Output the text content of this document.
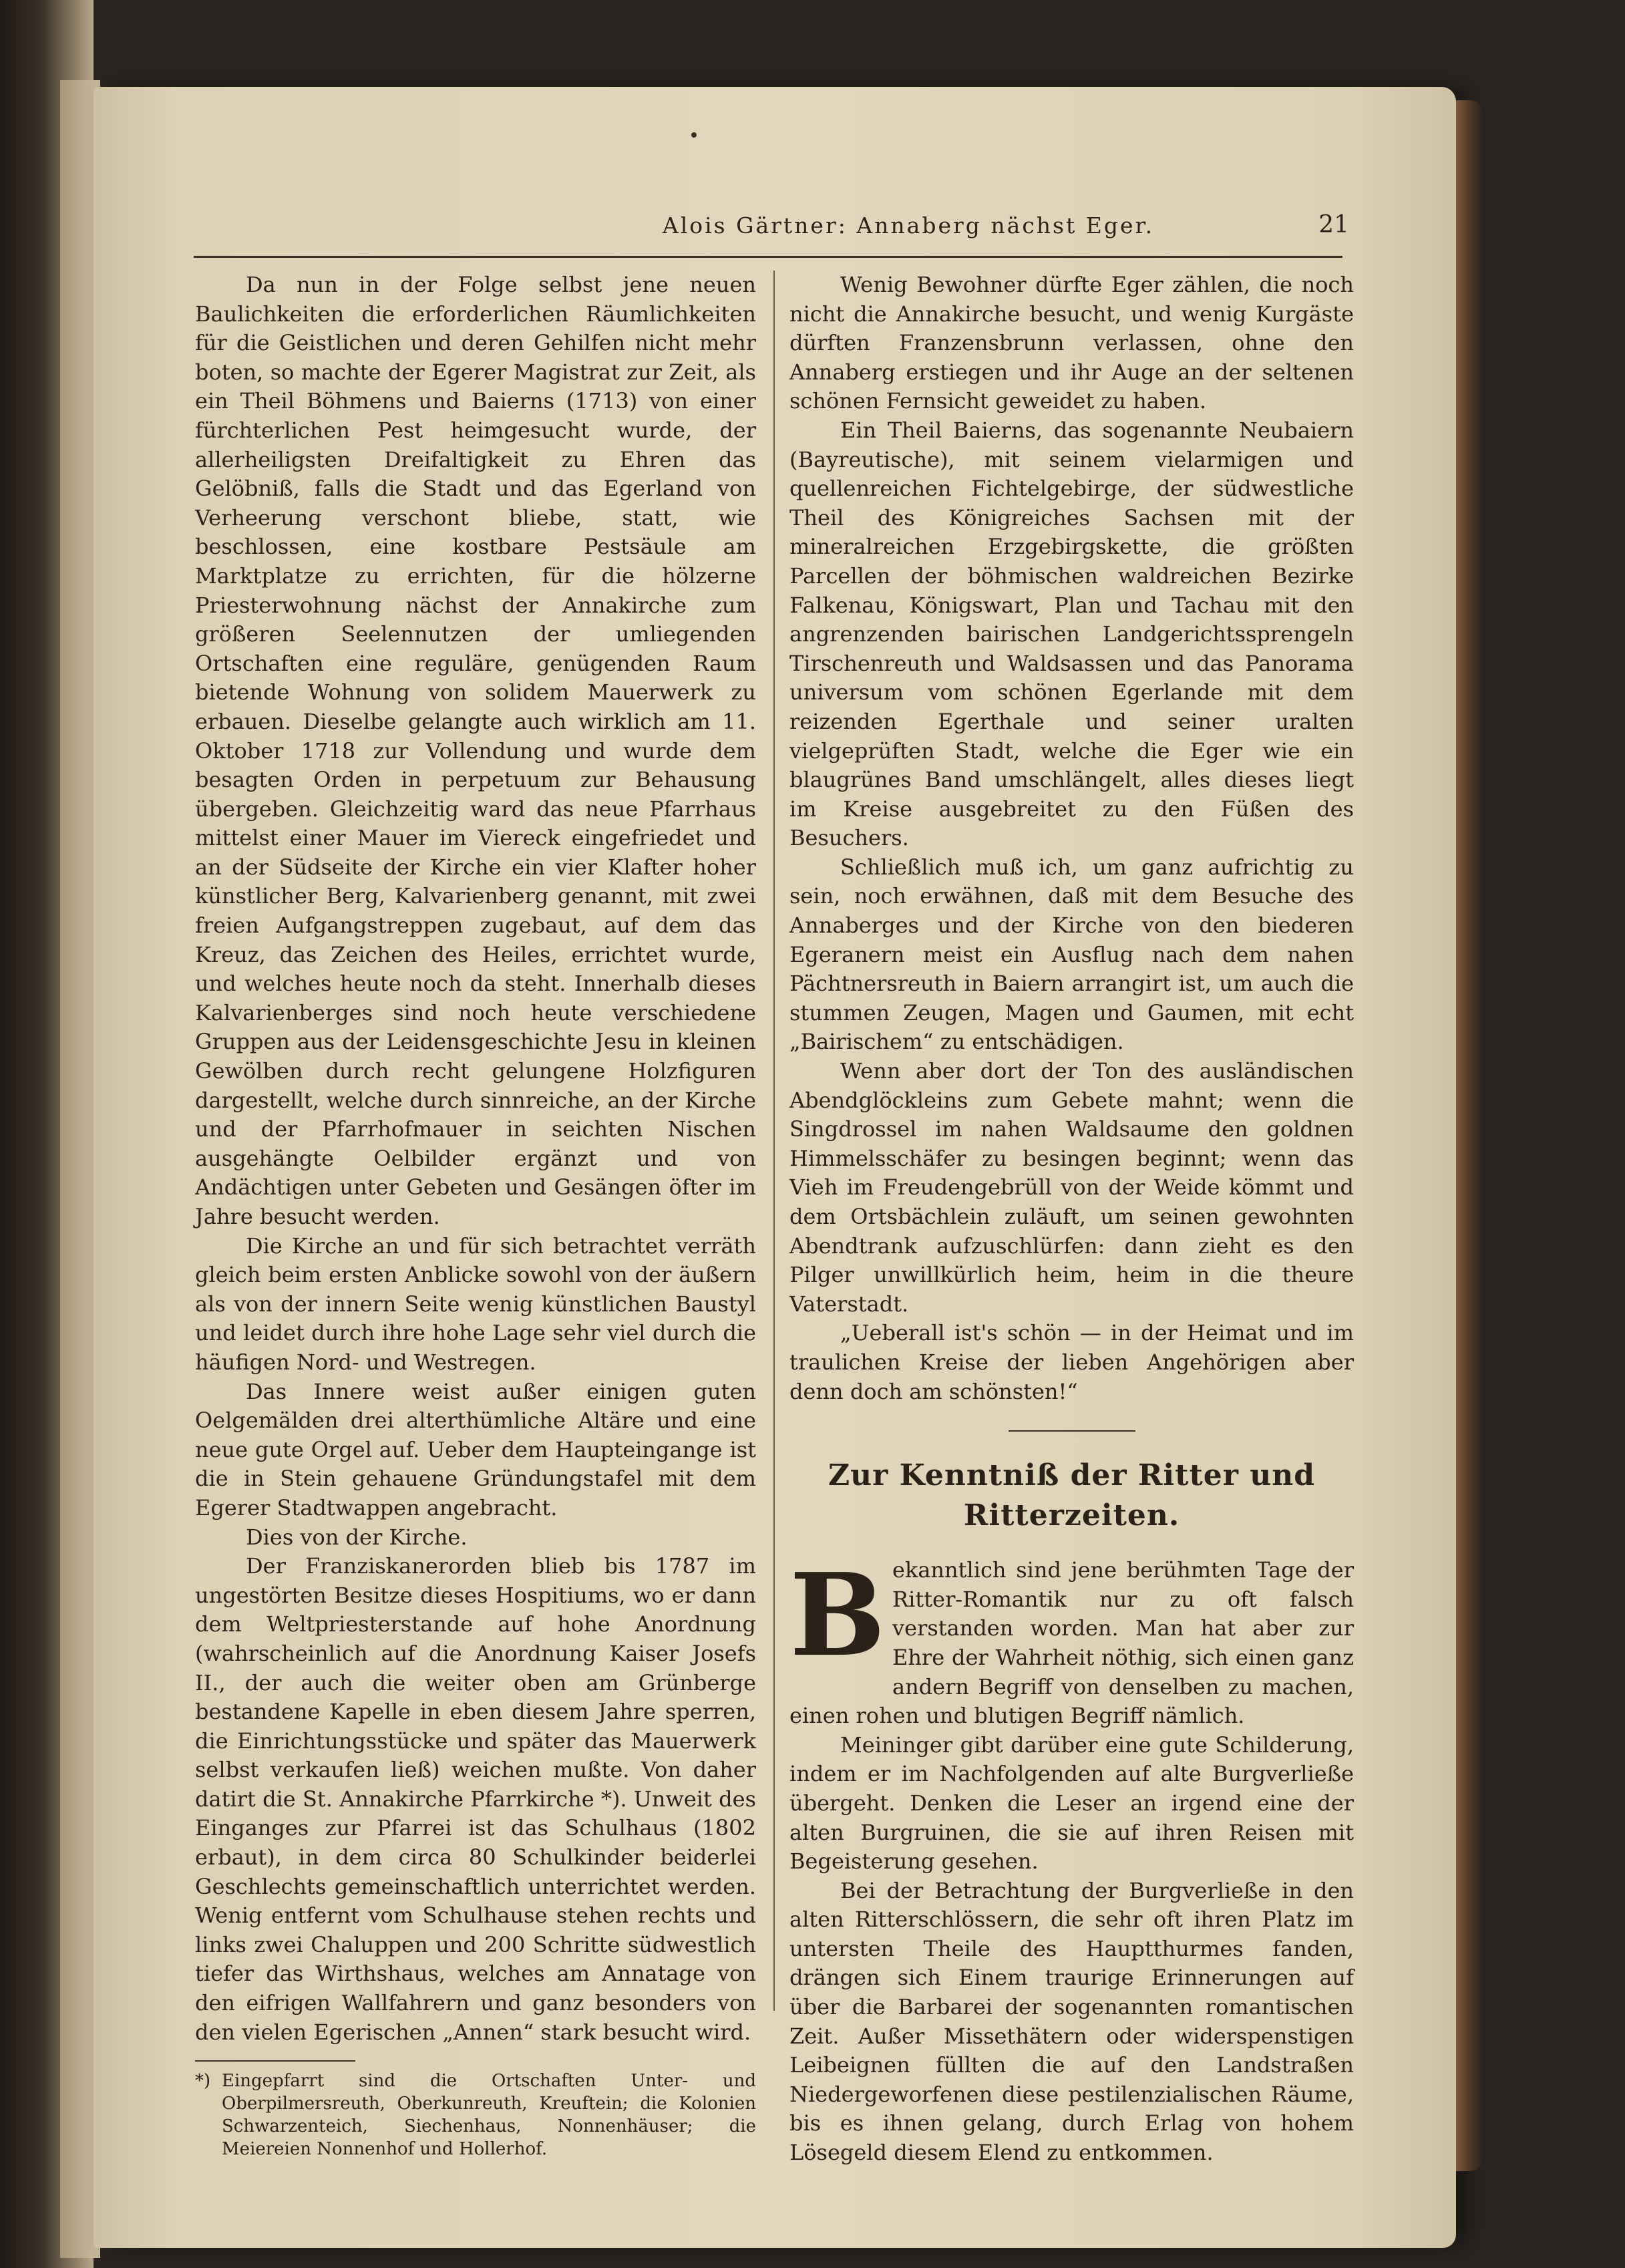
Alois Gärtner: Annaberg nächst Eger.	21

Da nun in der Folge selbst jene neuen Baulichkeiten die erforderlichen Räumlichkeiten für die Geistlichen und deren Gehilfen nicht mehr boten, so machte der Egerer Magistrat zur Zeit, als ein Theil Böhmens und Baierns (1713) von einer fürchterlichen Pest heimgesucht wurde, der allerheiligsten Dreifaltigkeit zu Ehren das Gelöbniß, falls die Stadt und das Egerland von Verheerung verschont bliebe, statt, wie beschlossen, eine kostbare Pestsäule am Marktplatze zu errichten, für die hölzerne Priesterwohnung nächst der Annakirche zum größeren Seelennutzen der umliegenden Ortschaften eine reguläre, genügenden Raum bietende Wohnung von solidem Mauerwerk zu erbauen. Dieselbe gelangte auch wirklich am 11. Oktober 1718 zur Vollendung und wurde dem besagten Orden in perpetuum zur Behausung übergeben. Gleichzeitig ward das neue Pfarrhaus mittelst einer Mauer im Viereck eingefriedet und an der Südseite der Kirche ein vier Klafter hoher künstlicher Berg, Kalvarienberg genannt, mit zwei freien Aufgangstreppen zugebaut, auf dem das Kreuz, das Zeichen des Heiles, errichtet wurde, und welches heute noch da steht. Innerhalb dieses Kalvarienberges sind noch heute verschiedene Gruppen aus der Leidensgeschichte Jesu in kleinen Gewölben durch recht gelungene Holzfiguren dargestellt, welche durch sinnreiche, an der Kirche und der Pfarrhofmauer in seichten Nischen ausgehängte Oelbilder ergänzt und von Andächtigen unter Gebeten und Gesängen öfter im Jahre besucht werden.

Die Kirche an und für sich betrachtet verräth gleich beim ersten Anblicke sowohl von der äußern als von der innern Seite wenig künstlichen Baustyl und leidet durch ihre hohe Lage sehr viel durch die häufigen Nord- und Westregen.

Das Innere weist außer einigen guten Oelgemälden drei alterthümliche Altäre und eine neue gute Orgel auf. Ueber dem Haupteingange ist die in Stein gehauene Gründungstafel mit dem Egerer Stadtwappen angebracht.

Dies von der Kirche.

Der Franziskanerorden blieb bis 1787 im ungestörten Besitze dieses Hospitiums, wo er dann dem Weltpriesterstande auf hohe Anordnung (wahrscheinlich auf die Anordnung Kaiser Josefs II., der auch die weiter oben am Grünberge bestandene Kapelle in eben diesem Jahre sperren, die Einrichtungsstücke und später das Mauerwerk selbst verkaufen ließ) weichen mußte. Von daher datirt die St. Annakirche Pfarrkirche *). Unweit des Einganges zur Pfarrei ist das Schulhaus (1802 erbaut), in dem circa 80 Schulkinder beiderlei Geschlechts gemeinschaftlich unterrichtet werden. Wenig entfernt vom Schulhause stehen rechts und links zwei Chaluppen und 200 Schritte südwestlich tiefer das Wirthshaus, welches am Annatage von den eifrigen Wallfahrern und ganz besonders von den vielen Egerischen „Annen“ stark besucht wird.

*) Eingepfarrt sind die Ortschaften Unter- und Oberpilmersreuth, Oberkunreuth, Kreuftein; die Kolonien Schwarzenteich, Siechenhaus, Nonnenhäuser; die Meiereien Nonnenhof und Hollerhof.

Wenig Bewohner dürfte Eger zählen, die noch nicht die Annakirche besucht, und wenig Kurgäste dürften Franzensbrunn verlassen, ohne den Annaberg erstiegen und ihr Auge an der seltenen schönen Fernsicht geweidet zu haben.

Ein Theil Baierns, das sogenannte Neubaiern (Bayreutische), mit seinem vielarmigen und quellenreichen Fichtelgebirge, der südwestliche Theil des Königreiches Sachsen mit der mineralreichen Erzgebirgskette, die größten Parcellen der böhmischen waldreichen Bezirke Falkenau, Königswart, Plan und Tachau mit den angrenzenden bairischen Landgerichtssprengeln Tirschenreuth und Waldsassen und das Panorama universum vom schönen Egerlande mit dem reizenden Egerthale und seiner uralten vielgeprüften Stadt, welche die Eger wie ein blaugrünes Band umschlängelt, alles dieses liegt im Kreise ausgebreitet zu den Füßen des Besuchers.

Schließlich muß ich, um ganz aufrichtig zu sein, noch erwähnen, daß mit dem Besuche des Annaberges und der Kirche von den biederen Egeranern meist ein Ausflug nach dem nahen Pächtnersreuth in Baiern arrangirt ist, um auch die stummen Zeugen, Magen und Gaumen, mit echt „Bairischem“ zu entschädigen.

Wenn aber dort der Ton des ausländischen Abendglöckleins zum Gebete mahnt; wenn die Singdrossel im nahen Waldsaume den goldnen Himmelsschäfer zu besingen beginnt; wenn das Vieh im Freudengebrüll von der Weide kömmt und dem Ortsbächlein zuläuft, um seinen gewohnten Abendtrank aufzuschlürfen: dann zieht es den Pilger unwillkürlich heim, heim in die theure Vaterstadt.

„Ueberall ist's schön — in der Heimat und im traulichen Kreise der lieben Angehörigen aber denn doch am schönsten!“

Zur Kenntniß der Ritter und Ritterzeiten.

Bekanntlich sind jene berühmten Tage der Ritter-Romantik nur zu oft falsch verstanden worden. Man hat aber zur Ehre der Wahrheit nöthig, sich einen ganz andern Begriff von denselben zu machen, einen rohen und blutigen Begriff nämlich.

Meininger gibt darüber eine gute Schilderung, indem er im Nachfolgenden auf alte Burgverließe übergeht. Denken die Leser an irgend eine der alten Burgruinen, die sie auf ihren Reisen mit Begeisterung gesehen.

Bei der Betrachtung der Burgverließe in den alten Ritterschlössern, die sehr oft ihren Platz im untersten Theile des Hauptthurmes fanden, drängen sich Einem traurige Erinnerungen auf über die Barbarei der sogenannten romantischen Zeit. Außer Missethätern oder widerspenstigen Leibeignen füllten die auf den Landstraßen Niedergeworfenen diese pestilenzialischen Räume, bis es ihnen gelang, durch Erlag von hohem Lösegeld diesem Elend zu entkommen.
